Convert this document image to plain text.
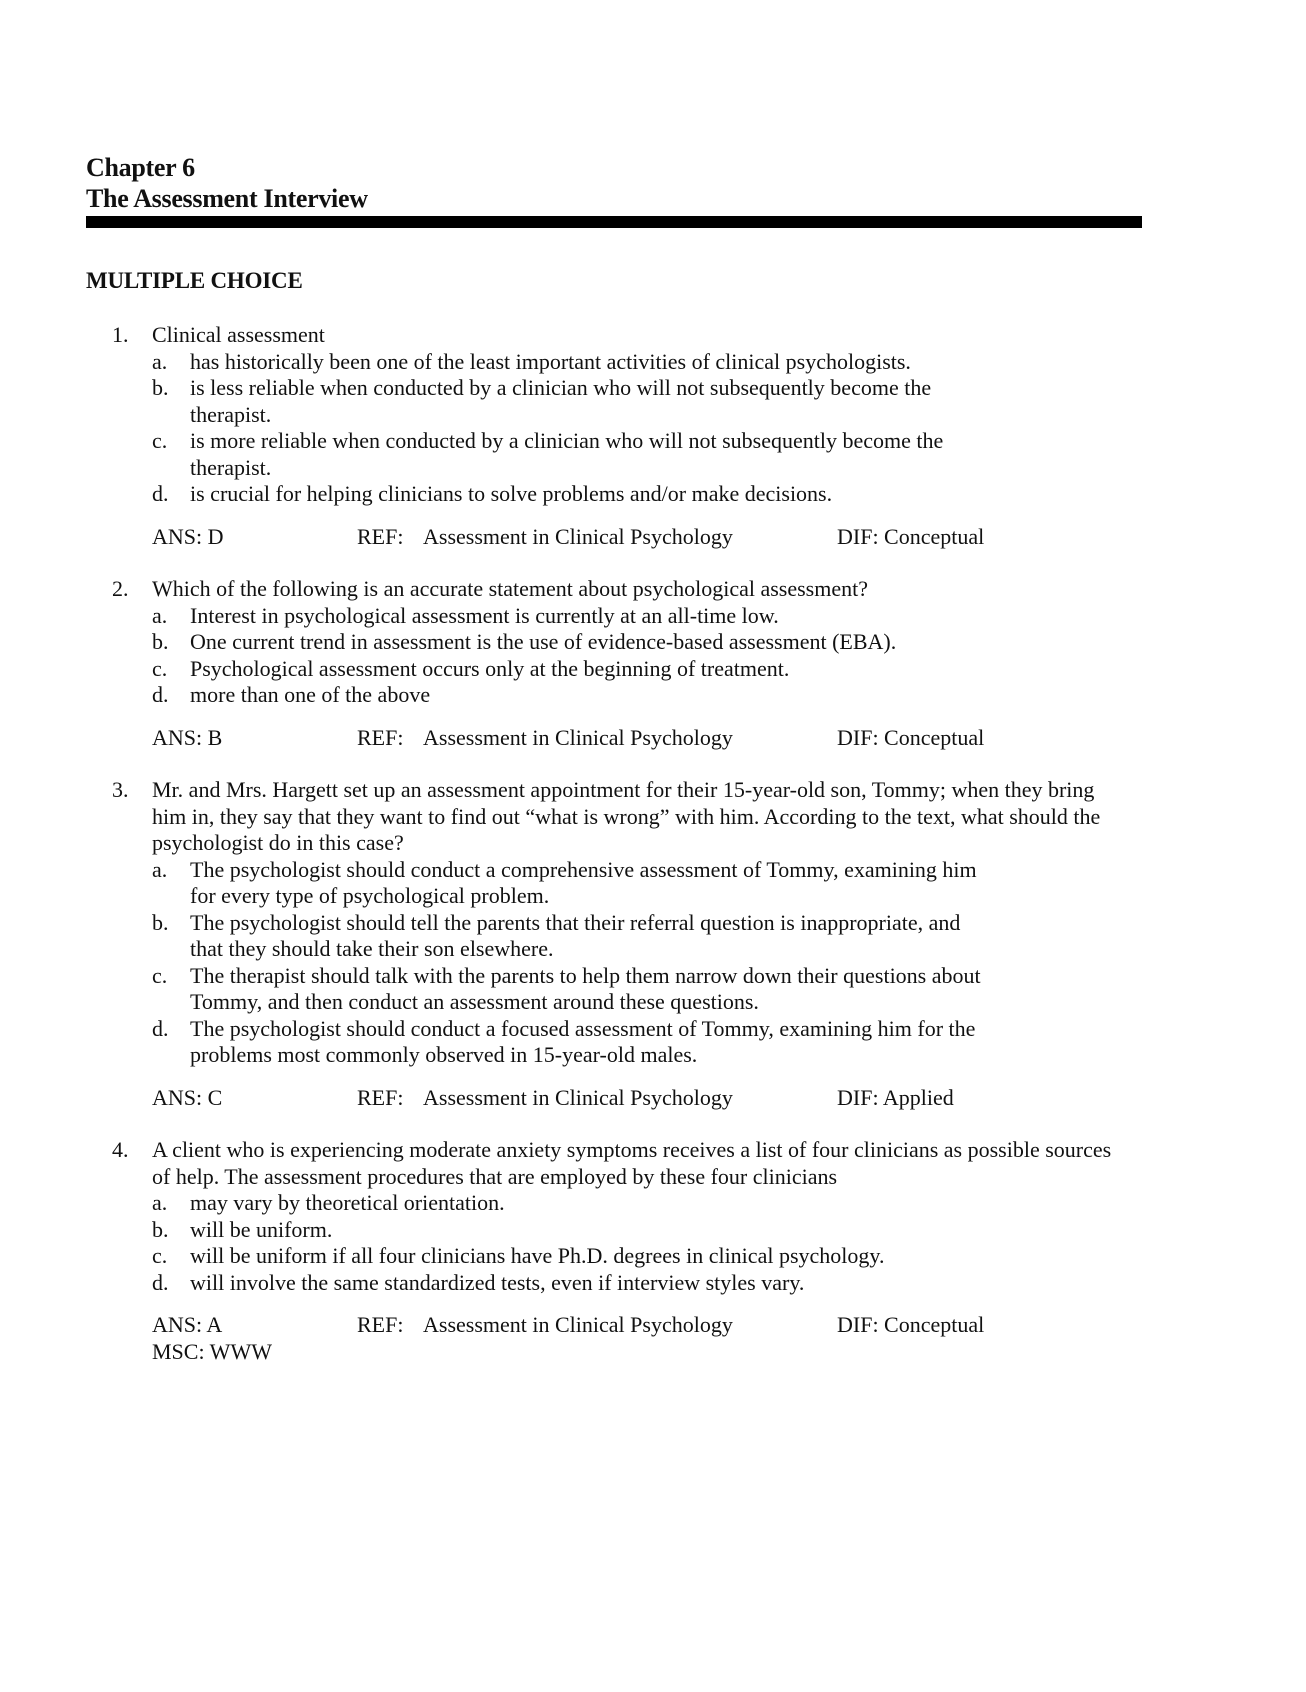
Chapter 6
The Assessment Interview
MULTIPLE CHOICE
1.	Clinical assessment
a.	has historically been one of the least important activities of clinical psychologists.
b. is less reliable when conducted by a clinician who will not subsequently become the therapist.
c.	is more reliable when conducted by a clinician who will not subsequently become the therapist.
d. is crucial for helping clinicians to solve problems and/or make decisions.
ANS: D	REF: Assessment in Clinical Psychology	DIF: Conceptual
2.	Which of the following is an accurate statement about psychological assessment?
a.	Interest in psychological assessment is currently at an all-time low.
b. One current trend in assessment is the use of evidence-based assessment (EBA).
c.	Psychological assessment occurs only at the beginning of treatment.
d. more than one of the above
ANS: B	REF: Assessment in Clinical Psychology	DIF: Conceptual
3.	Mr. and Mrs. Hargett set up an assessment appointment for their 15-year-old son, Tommy; when they bring him in, they say that they want to find out “what is wrong” with him. According to the text, what should the psychologist do in this case?
a.	The psychologist should conduct a comprehensive assessment of Tommy, examining him for every type of psychological problem.
b. The psychologist should tell the parents that their referral question is inappropriate, and that they should take their son elsewhere.
c.	The therapist should talk with the parents to help them narrow down their questions about Tommy, and then conduct an assessment around these questions.
d. The psychologist should conduct a focused assessment of Tommy, examining him for the problems most commonly observed in 15-year-old males.
ANS: C	REF: Assessment in Clinical Psychology	DIF: Applied
4.	A client who is experiencing moderate anxiety symptoms receives a list of four clinicians as possible sources of help. The assessment procedures that are employed by these four clinicians
a.	may vary by theoretical orientation.
b. will be uniform.
c.	will be uniform if all four clinicians have Ph.D. degrees in clinical psychology.
d. will involve the same standardized tests, even if interview styles vary.
ANS: A	REF: Assessment in Clinical Psychology	DIF: Conceptual
MSC: WWW
